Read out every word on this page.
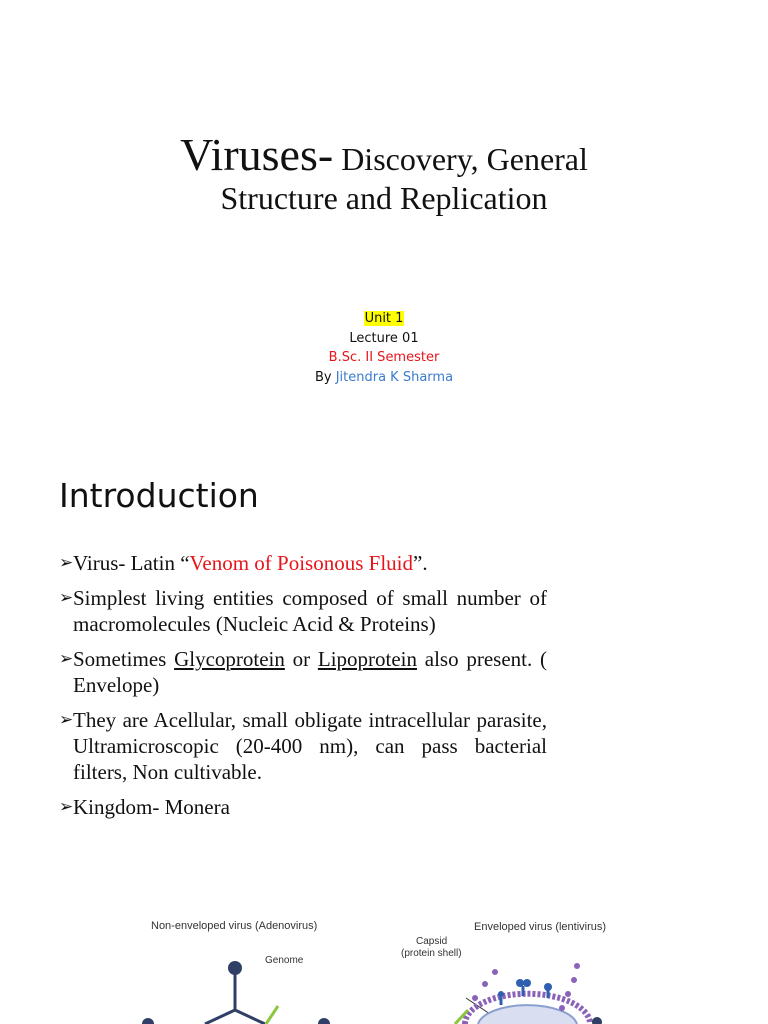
Viruses- Discovery, General
Structure and Replication
Unit 1
Lecture 01
B.Sc. II Semester
By Jitendra K Sharma
Introduction
➢ Virus- Latin “Venom of Poisonous Fluid”.
➢ Simplest living entities composed of small number of macromolecules (Nucleic Acid & Proteins)
➢ Sometimes Glycoprotein or Lipoprotein also present. ( Envelope)
➢ They are Acellular, small obligate intracellular parasite, Ultramicroscopic (20-400 nm), can pass bacterial filters, Non cultivable.
➢ Kingdom- Monera
Non-enveloped virus (Adenovirus)	Enveloped virus (lentivirus)
Genome
Capsid
(protein shell)
